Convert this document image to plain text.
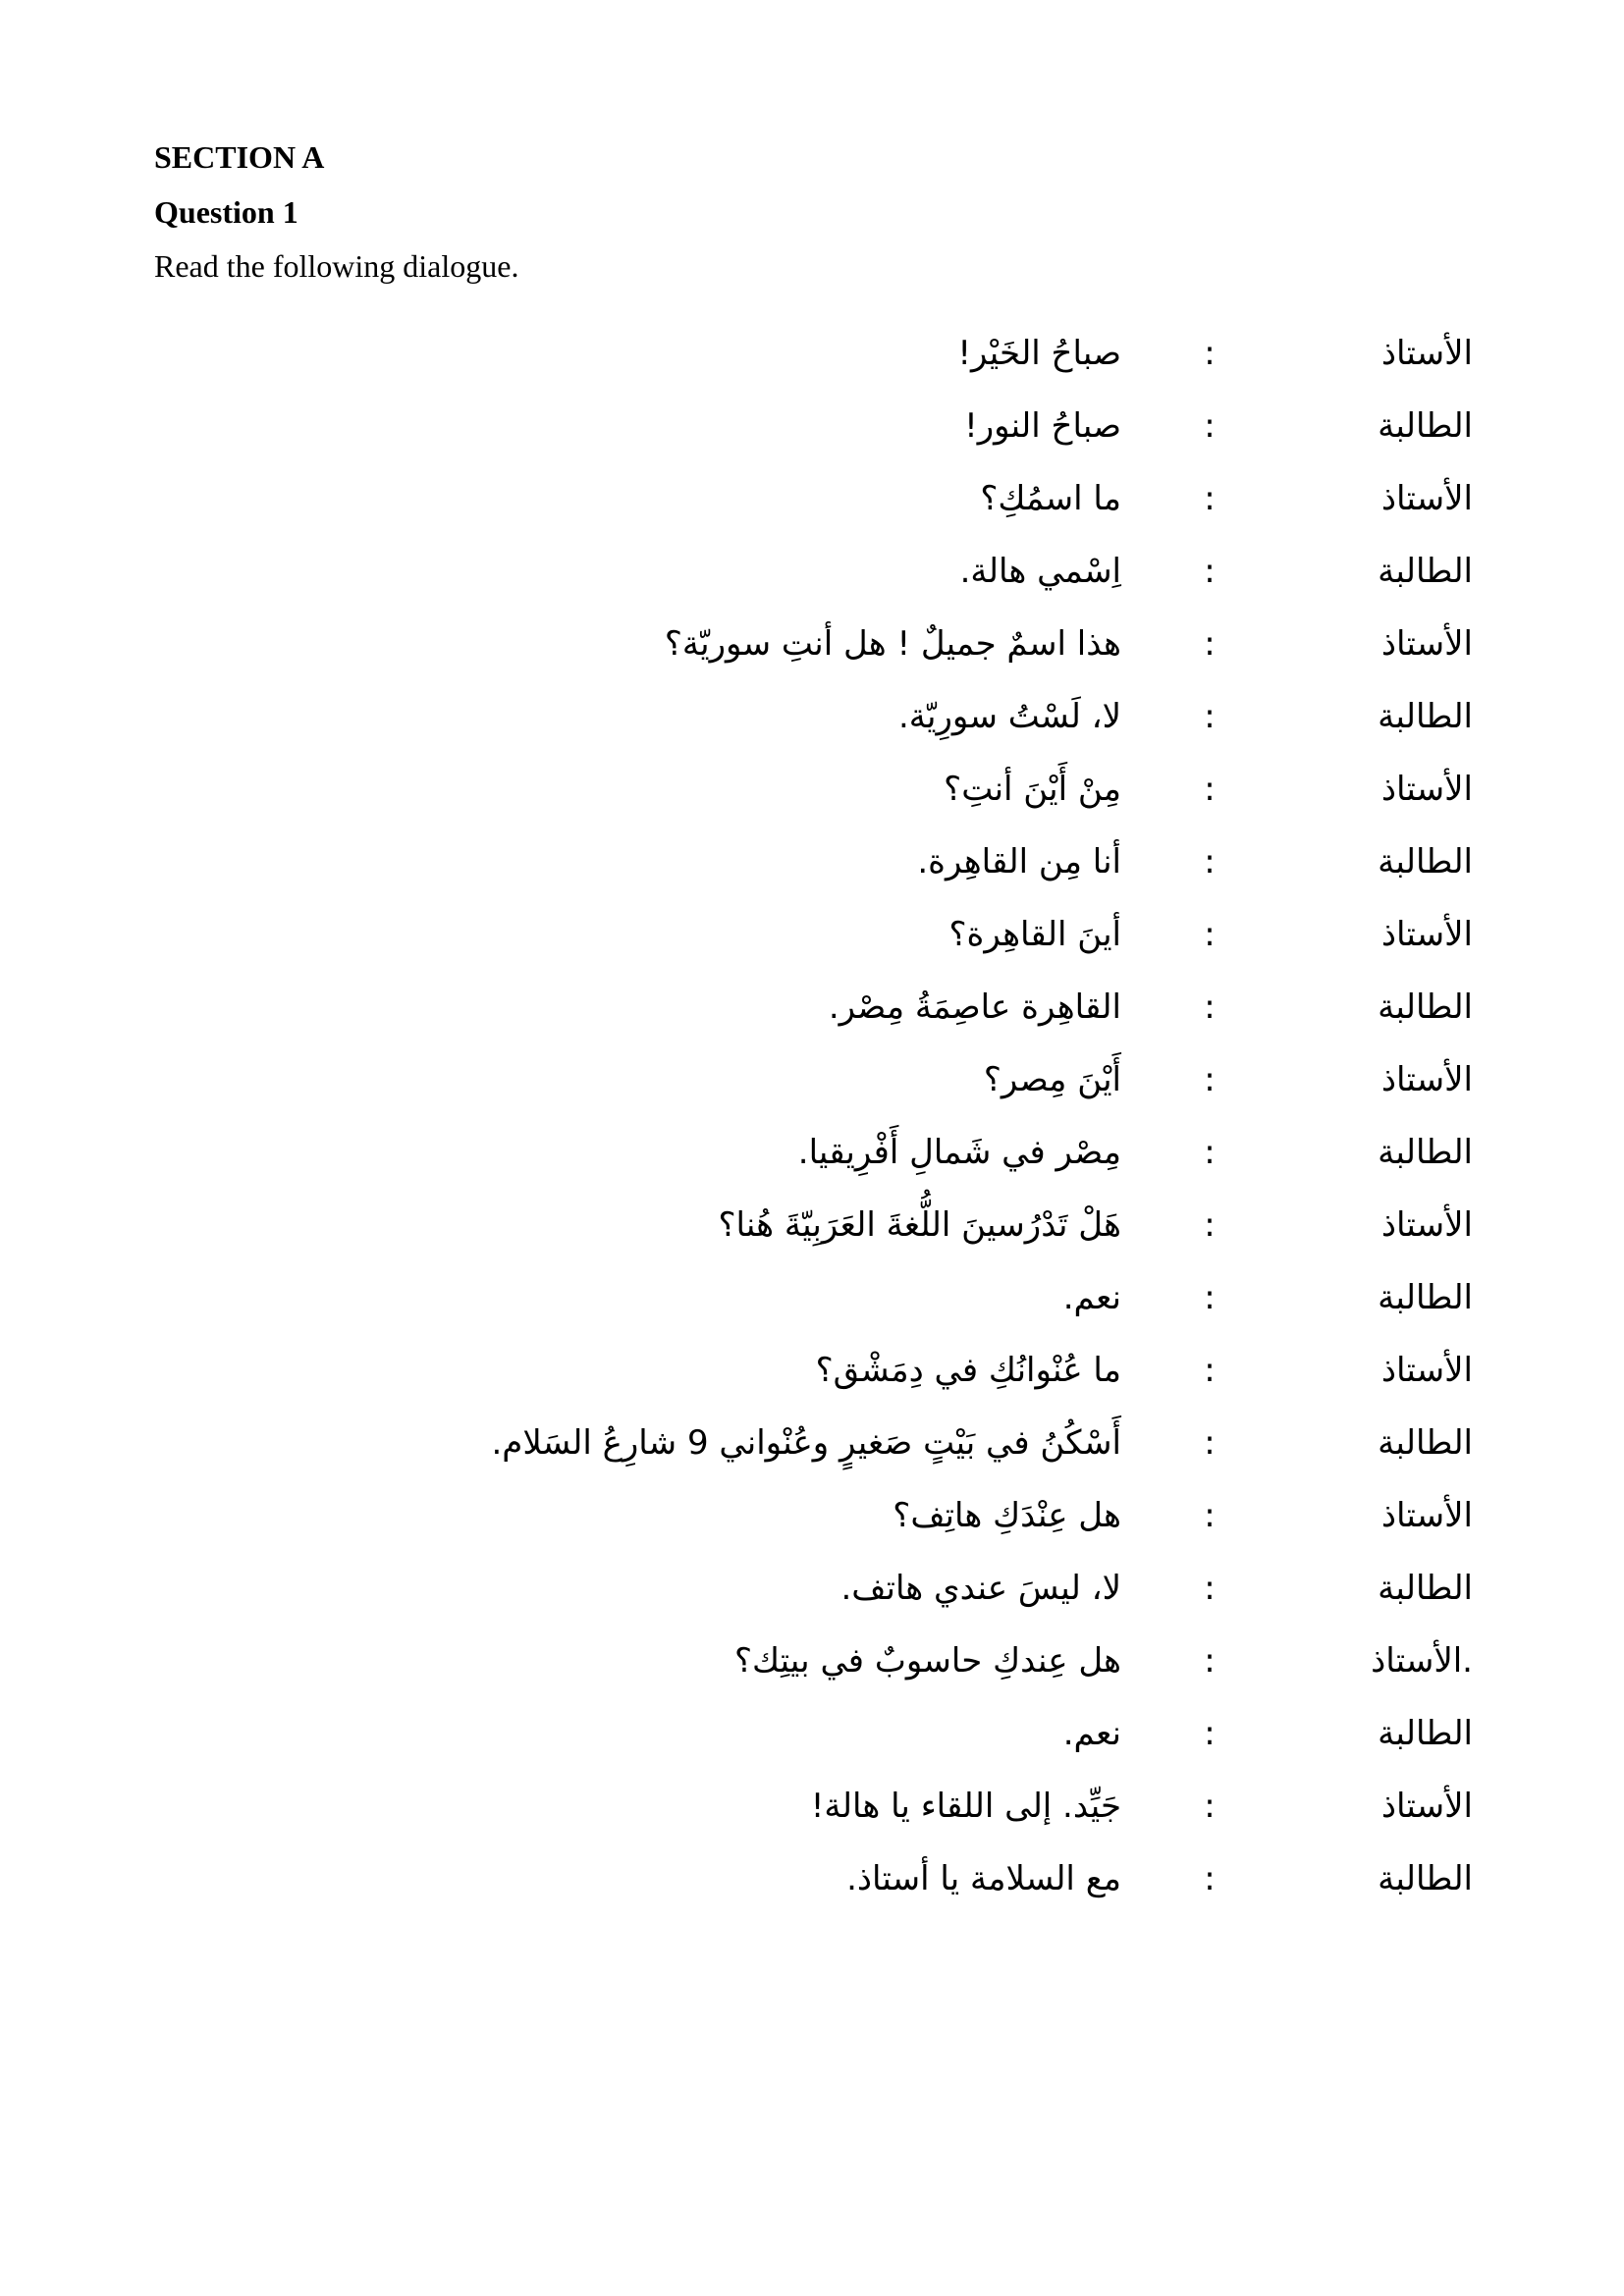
SECTION A
Question 1
Read the following dialogue.
الأستاذ
:
صباحُ الخَيْر!
الطالبة
:
صباحُ النور!
الأستاذ
:
ما اسمُكِ؟
الطالبة
:
اِسْمي هالة.
الأستاذ
:
هذا اسمٌ جميلٌ ! هل أنتِ سوريّة؟
الطالبة
:
لا، لَسْتُ سورِيّة.
الأستاذ
:
مِنْ أَيْنَ أنتِ؟
الطالبة
:
أنا مِن القاهِرة.
الأستاذ
:
أينَ القاهِرة؟
الطالبة
:
القاهِرة عاصِمَةُ مِصْر.
الأستاذ
:
أَيْنَ مِصر؟
الطالبة
:
مِصْر في شَمالِ أَفْرِيقيا.
الأستاذ
:
هَلْ تَدْرُسينَ اللُّغةَ العَرَبِيّةَ هُنا؟
الطالبة
:
نعم.
الأستاذ
:
ما عُنْوانُكِ في دِمَشْق؟
الطالبة
:
أَسْكُنُ في بَيْتٍ صَغيرٍ وعُنْواني 9 شارِعُ السَلام.
الأستاذ
:
هل عِنْدَكِ هاتِف؟
الطالبة
:
لا، ليسَ عندي هاتف.
.الأستاذ
:
هل عِندكِ حاسوبٌ في بيتِك؟
الطالبة
:
نعم.
الأستاذ
:
جَيِّد. إلى اللقاء يا هالة!
الطالبة
:
مع السلامة يا أستاذ.
